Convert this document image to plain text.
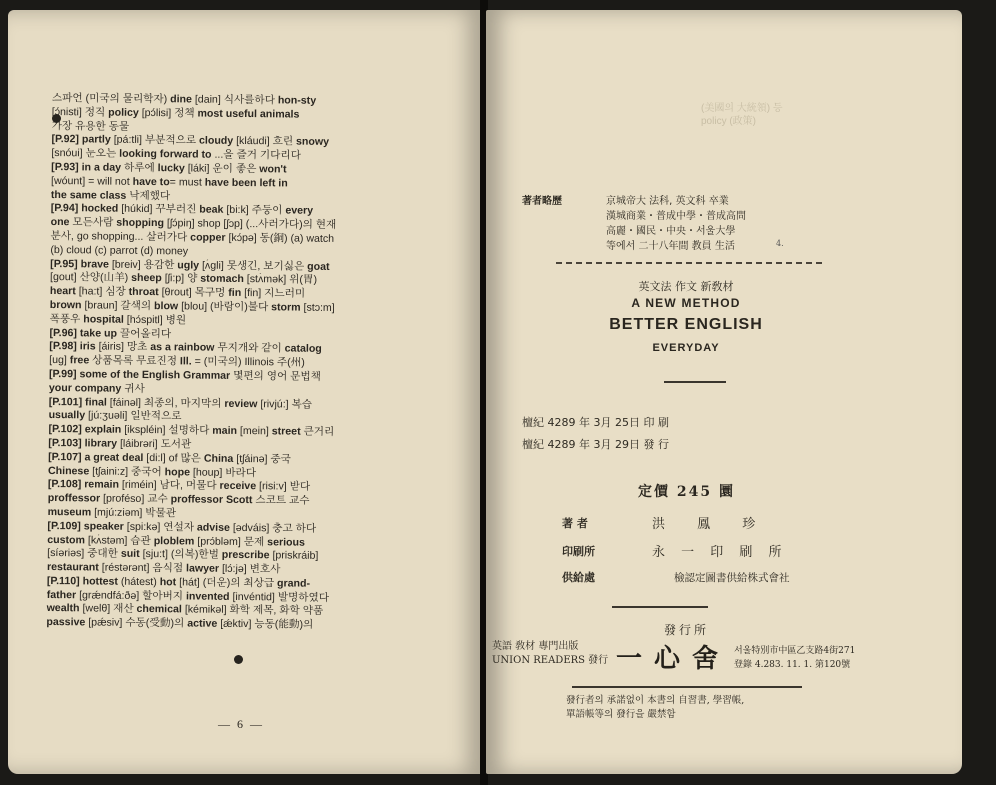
스파언 (미국의 물리학자) dine [dain] 식사를하다 hon-sty
[ɔ́nisti] 정직 policy [pɔ́lisi] 정책 most useful animals
가장 유용한 동물
[P.92] partly [pá:tli] 부분적으로 cloudy [kláudi] 흐린 snowy
[snóui] 눈오는 looking forward to ...을 즐거 기다리다
[P.93] in a day 하루에 lucky [láki] 운이 좋은 won't
[wóunt] = will not have to= must have been left in
the same class 낙제했다
[P.94] hocked [húkid] 꾸부러진 beak [bi:k] 주둥이 every
one 모든사람 shopping [ʃɔ́piŋ] shop [ʃɔp] (...사러가다)의 현재
분사, go shopping... 살러가다 copper [kɔ́pə] 동(銅) (a) watch
(b) cloud (c) parrot (d) money
[P.95] brave [breiv] 용감한 ugly [ʌ́gli] 못생긴, 보기싫은 goat
[gout] 산양(山羊) sheep [ʃi:p] 양 stomach [stʌ́mək] 위(胃)
heart [ha:t] 심장 throat [θrout] 목구멍 fin [fin] 지느러미
brown [braun] 갈색의 blow [blou] (바람이)불다 storm [stɔ:m]
폭풍우 hospital [hɔ́spitl] 병원
[P.96] take up 끌어올리다
[P.98] iris [áiris] 망초 as a rainbow 무지개와 같이 catalog
[ug] free 상품목록 무료진정 Ill. = (미국의) Illinois 주(州)
[P.99] some of the English Grammar 몇편의 영어 문법책
your company 귀사
[P.101] final [fáinəl] 최종의, 마지막의 review [rivjú:] 복습
usually [jú:ʒuəli] 일반적으로
[P.102] explain [ikspléin] 설명하다 main [mein] street 큰거리
[P.103] library [láibrəri] 도서관
[P.107] a great deal [di:l] of 많은 China [tʃáinə] 중국
Chinese [tʃaini:z] 중국어 hope [houp] 바라다
[P.108] remain [riméin] 남다, 머물다 receive [risi:v] 받다
proffessor [proféso] 교수 proffessor Scott 스코트 교수
museum [mjú:ziəm] 박물관
[P.109] speaker [spi:kə] 연설자 advise [ədváis] 충고 하다
custom [kʌ́stəm] 습관 ploblem [prɔ́bləm] 문제 serious
[síəriəs] 중대한 suit [sju:t] (의복)한벌 prescribe [priskráib]
restaurant [réstərənt] 음식점 lawyer [lɔ́:jə] 변호사
[P.110] hottest (hátest) hot [hát] (더운)의 최상급 grand-
father [grǽndfá:ðə] 할아버지 invented [invéntid] 발명하였다
wealth [welθ] 재산 chemical [kémikəl] 화학 제목, 화학 약품
passive [pǽsiv] 수동(受動)의 active [ǽktiv] 능동(能動)의
— 6 —
(美國의 大統領) 등
policy (政策)
著者略歷	京城帝大 法科, 英文科 卒業
漢城商業・普成中學・普成高問
高麗・國民・中央・서울大學
等에서 二十八年間 教員 生活	4.
英文法 作文 新敎材
A NEW METHOD
BETTER ENGLISH
EVERYDAY
檀紀 4289 年 3月 25日 印 刷
檀紀 4289 年 3月 29日 發 行
定價 245 圜
著 者	洪 鳳 珍
印刷所	永 一 印 刷 所
供給處	檢認定圖書供給株式會社
發行所
英語 敎材 專門出版
UNION READERS 發行 一心舍 서울特別市中區乙支路4街271
登錄 4.283. 11. 1. 第120號
發行者의 承諾없이 本書의 自習書, 學習帳,
單語帳等의 發行을 嚴禁함
